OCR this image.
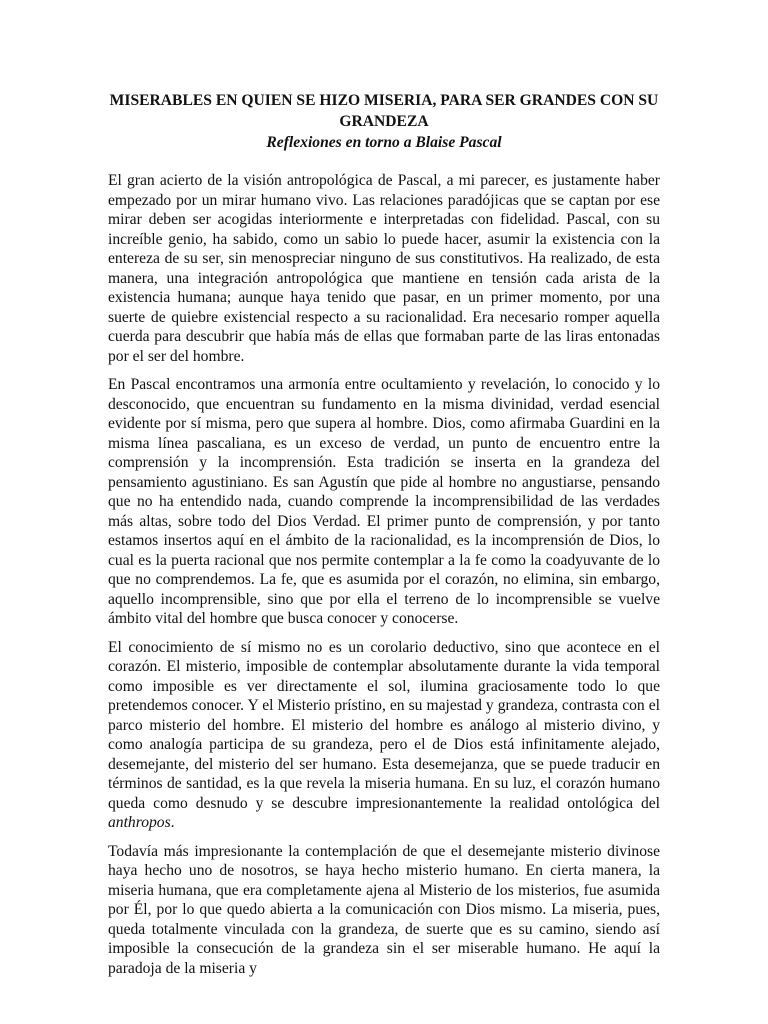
MISERABLES EN QUIEN SE HIZO MISERIA, PARA SER GRANDES CON SU GRANDEZA
Reflexiones en torno a Blaise Pascal

El gran acierto de la visión antropológica de Pascal, a mi parecer, es justamente haber empezado por un mirar humano vivo. Las relaciones paradójicas que se captan por ese mirar deben ser acogidas interiormente e interpretadas con fidelidad. Pascal, con su increíble genio, ha sabido, como un sabio lo puede hacer, asumir la existencia con la entereza de su ser, sin menospreciar ninguno de sus constitutivos. Ha realizado, de esta manera, una integración antropológica que mantiene en tensión cada arista de la existencia humana; aunque haya tenido que pasar, en un primer momento, por una suerte de quiebre existencial respecto a su racionalidad. Era necesario romper aquella cuerda para descubrir que había más de ellas que formaban parte de las liras entonadas por el ser del hombre.

En Pascal encontramos una armonía entre ocultamiento y revelación, lo conocido y lo desconocido, que encuentran su fundamento en la misma divinidad, verdad esencial evidente por sí misma, pero que supera al hombre. Dios, como afirmaba Guardini en la misma línea pascaliana, es un exceso de verdad, un punto de encuentro entre la comprensión y la incomprensión. Esta tradición se inserta en la grandeza del pensamiento agustiniano. Es san Agustín que pide al hombre no angustiarse, pensando que no ha entendido nada, cuando comprende la incomprensibilidad de las verdades más altas, sobre todo del Dios Verdad. El primer punto de comprensión, y por tanto estamos insertos aquí en el ámbito de la racionalidad, es la incomprensión de Dios, lo cual es la puerta racional que nos permite contemplar a la fe como la coadyuvante de lo que no comprendemos. La fe, que es asumida por el corazón, no elimina, sin embargo, aquello incomprensible, sino que por ella el terreno de lo incomprensible se vuelve ámbito vital del hombre que busca conocer y conocerse.

El conocimiento de sí mismo no es un corolario deductivo, sino que acontece en el corazón. El misterio, imposible de contemplar absolutamente durante la vida temporal como imposible es ver directamente el sol, ilumina graciosamente todo lo que pretendemos conocer. Y el Misterio prístino, en su majestad y grandeza, contrasta con el parco misterio del hombre. El misterio del hombre es análogo al misterio divino, y como analogía participa de su grandeza, pero el de Dios está infinitamente alejado, desemejante, del misterio del ser humano. Esta desemejanza, que se puede traducir en términos de santidad, es la que revela la miseria humana. En su luz, el corazón humano queda como desnudo y se descubre impresionantemente la realidad ontológica del anthropos.

Todavía más impresionante la contemplación de que el desemejante misterio divinose haya hecho uno de nosotros, se haya hecho misterio humano. En cierta manera, la miseria humana, que era completamente ajena al Misterio de los misterios, fue asumida por Él, por lo que quedo abierta a la comunicación con Dios mismo. La miseria, pues, queda totalmente vinculada con la grandeza, de suerte que es su camino, siendo así imposible la consecución de la grandeza sin el ser miserable humano. He aquí la paradoja de la miseria y
